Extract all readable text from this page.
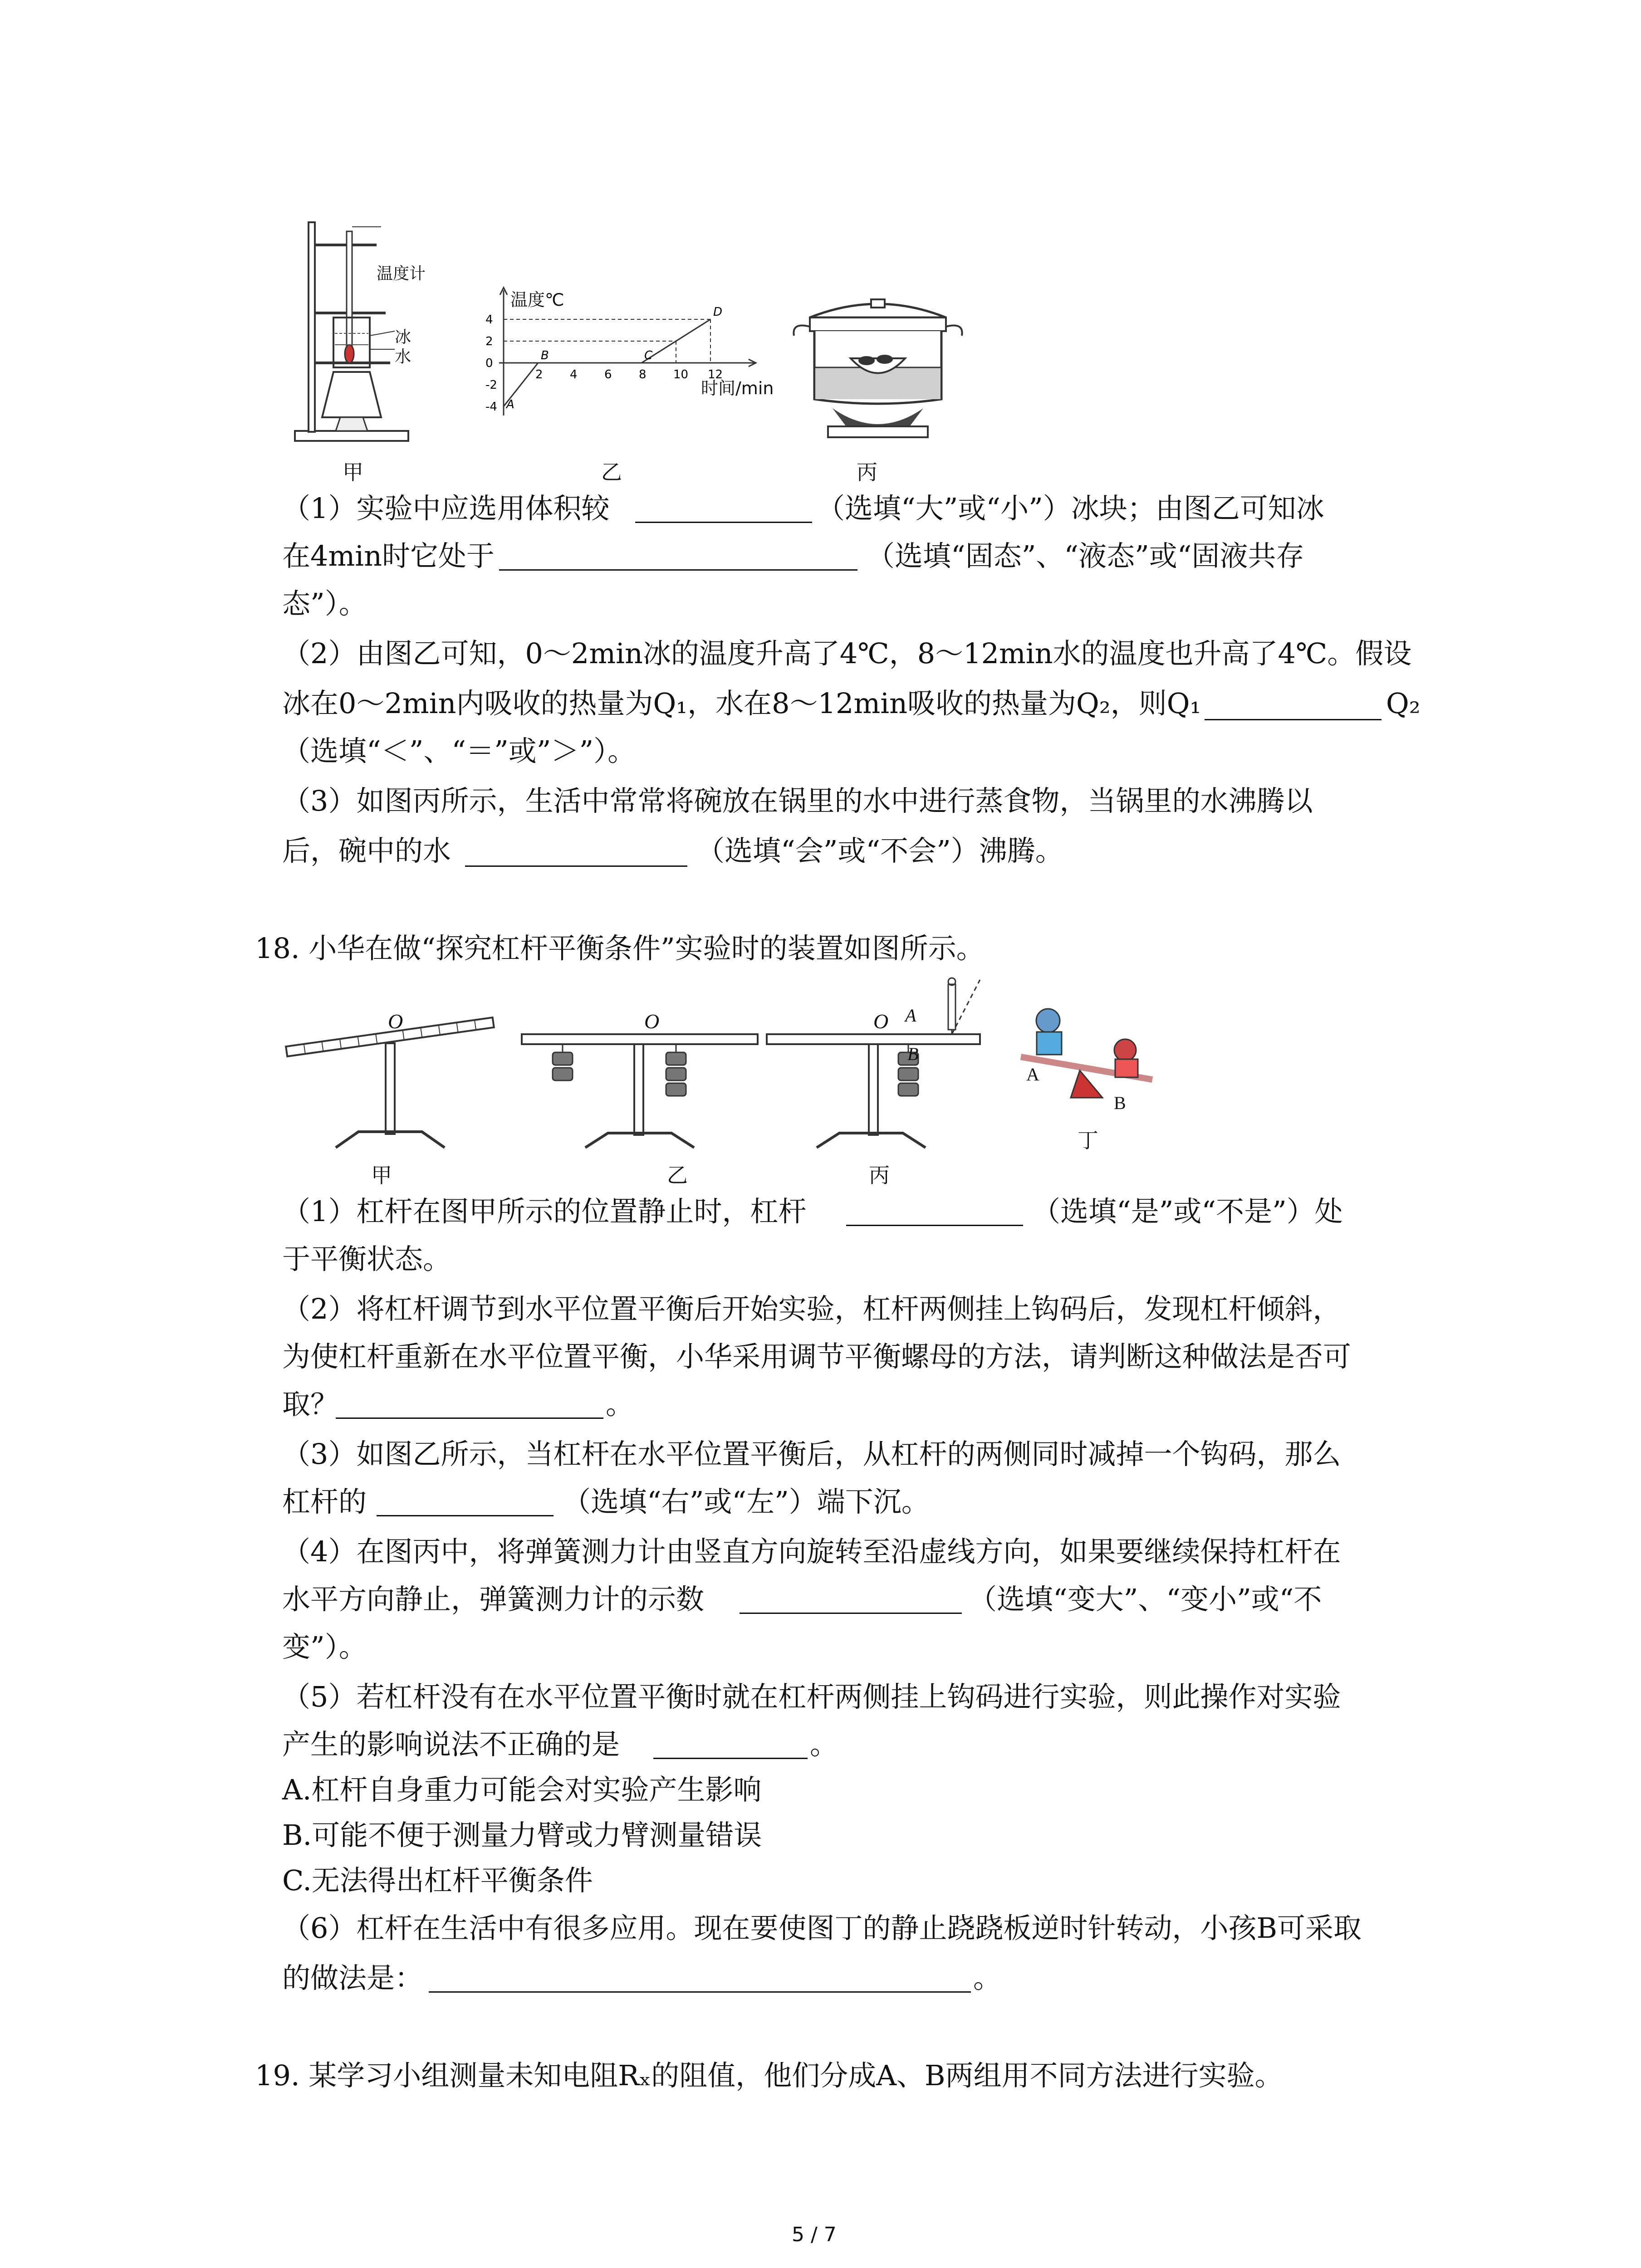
温度计
冰
水
甲
2 4 6 8 10 12
4
2
0
-2
-4 A
B	C
D
温度℃
时间/min
乙	丙
（1）实验中应选用体积较	（选填“大”或“小”）冰块；由图乙可知冰
在4min时它处于	（选填“固态”、“液态”或“固液共存
态”）。
（2）由图乙可知，0～2min冰的温度升高了4℃，8～12min水的温度也升高了4℃。假设
冰在0～2min内吸收的热量为Q₁，水在8～12min吸收的热量为Q₂，则Q₁	Q₂
（选填“＜”、“＝”或”＞”）。
（3）如图丙所示，生活中常常将碗放在锅里的水中进行蒸食物，当锅里的水沸腾以
后，碗中的水	（选填“会”或“不会”）沸腾。
18. 小华在做“探究杠杆平衡条件”实验时的装置如图所示。
O	O	O A
B
A
B
甲	乙	丙
丁
（1）杠杆在图甲所示的位置静止时，杠杆	（选填“是”或“不是”）处
于平衡状态。
（2）将杠杆调节到水平位置平衡后开始实验，杠杆两侧挂上钩码后，发现杠杆倾斜，
为使杠杆重新在水平位置平衡，小华采用调节平衡螺母的方法，请判断这种做法是否可
取？	。
（3）如图乙所示，当杠杆在水平位置平衡后，从杠杆的两侧同时减掉一个钩码，那么
杠杆的	（选填“右”或“左”）端下沉。
（4）在图丙中，将弹簧测力计由竖直方向旋转至沿虚线方向，如果要继续保持杠杆在
水平方向静止，弹簧测力计的示数	（选填“变大”、“变小”或“不
变”）。
（5）若杠杆没有在水平位置平衡时就在杠杆两侧挂上钩码进行实验，则此操作对实验
产生的影响说法不正确的是	。
A.杠杆自身重力可能会对实验产生影响
B.可能不便于测量力臂或力臂测量错误
C.无法得出杠杆平衡条件
（6）杠杆在生活中有很多应用。现在要使图丁的静止跷跷板逆时针转动，小孩B可采取
的做法是：	。
19. 某学习小组测量未知电阻Rₓ的阻值，他们分成A、B两组用不同方法进行实验。
5 / 7
